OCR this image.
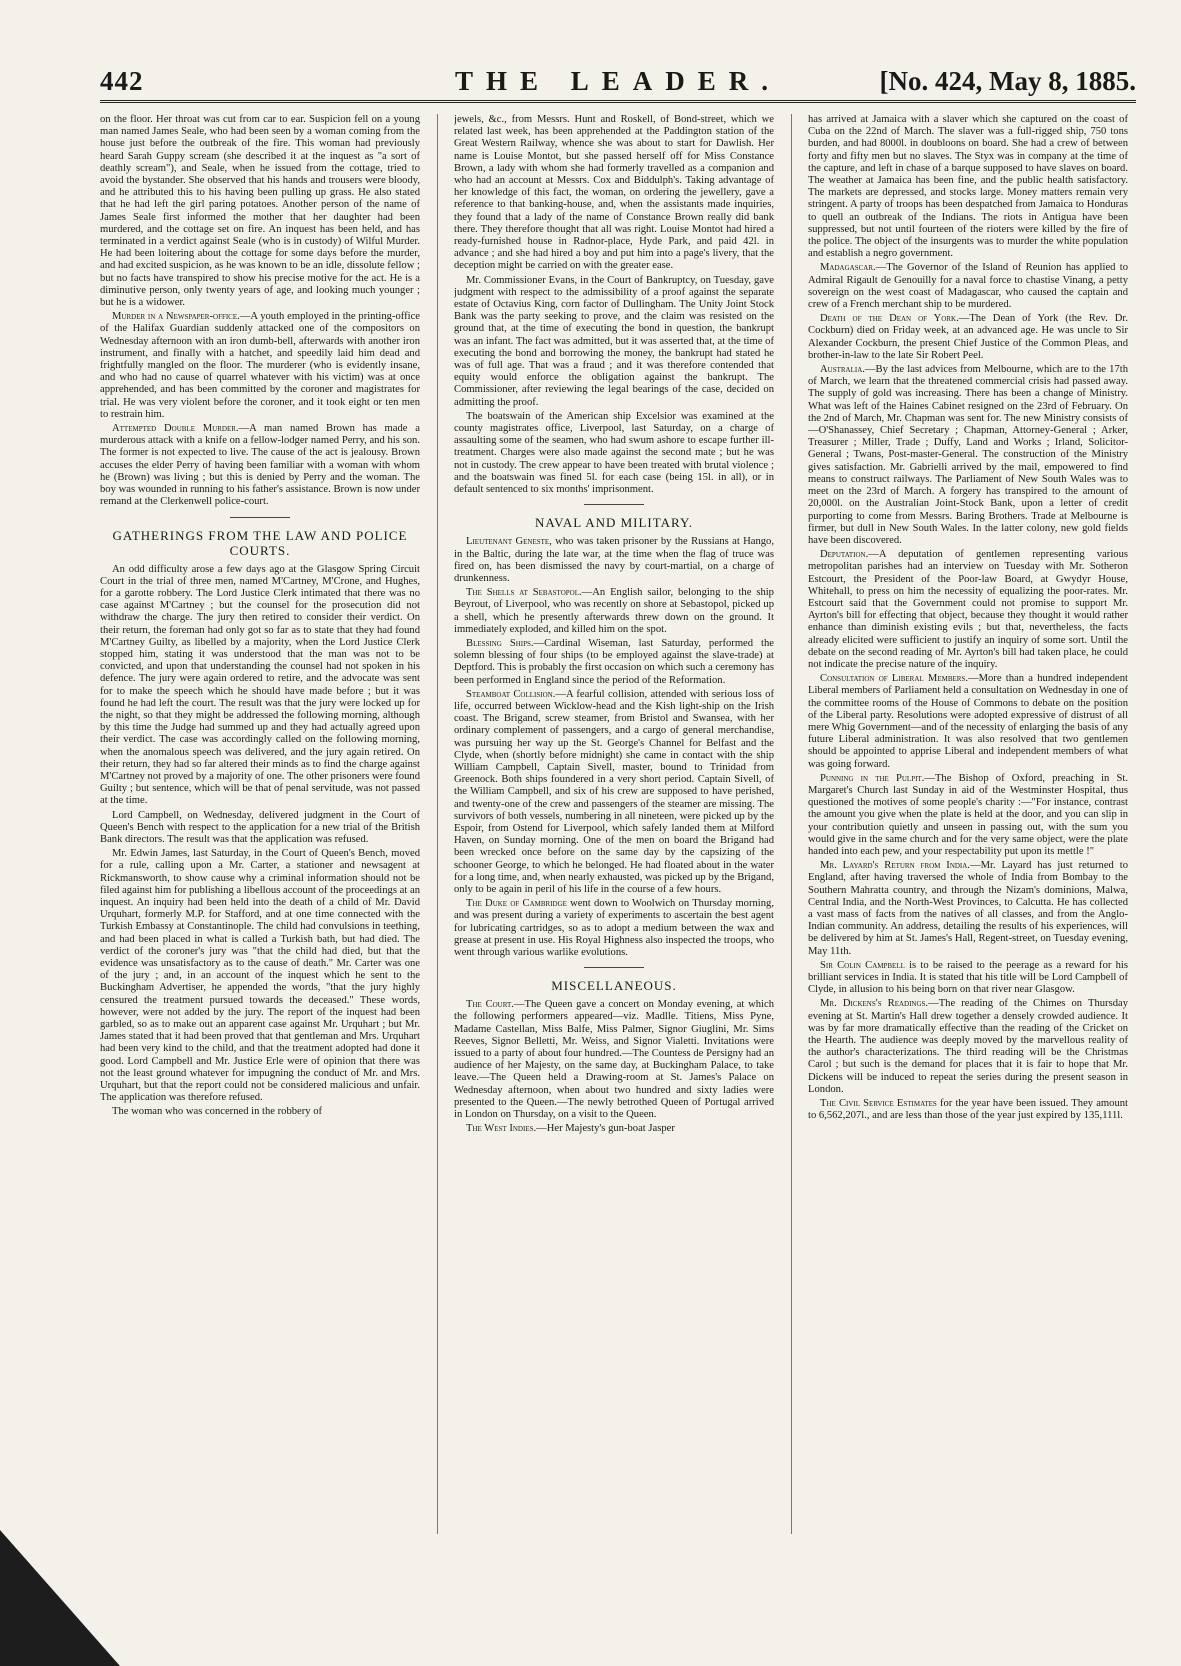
442	THE LEADER.	[No. 424, May 8, 1885.

on the floor. Her throat was cut from car to ear. Suspicion fell on a young man named James Seale, who had been seen by a woman coming from the house just before the outbreak of the fire. This woman had previously heard Sarah Guppy scream (she described it at the inquest as "a sort of deathly scream"), and Seale, when he issued from the cottage, tried to avoid the bystander. She observed that his hands and trousers were bloody, and he attributed this to his having been pulling up grass. He also stated that he had left the girl paring potatoes. Another person of the name of James Seale first informed the mother that her daughter had been murdered, and the cottage set on fire. An inquest has been held, and has terminated in a verdict against Seale (who is in custody) of Wilful Murder. He had been loitering about the cottage for some days before the murder, and had excited suspicion, as he was known to be an idle, dissolute fellow ; but no facts have transpired to show his precise motive for the act. He is a diminutive person, only twenty years of age, and looking much younger ; but he is a widower.

Murder in a Newspaper-office.—A youth employed in the printing-office of the Halifax Guardian suddenly attacked one of the compositors on Wednesday afternoon with an iron dumb-bell, afterwards with another iron instrument, and finally with a hatchet, and speedily laid him dead and frightfully mangled on the floor. The murderer (who is evidently insane, and who had no cause of quarrel whatever with his victim) was at once apprehended, and has been committed by the coroner and magistrates for trial. He was very violent before the coroner, and it took eight or ten men to restrain him.

Attempted Double Murder.—A man named Brown has made a murderous attack with a knife on a fellow-lodger named Perry, and his son. The former is not expected to live. The cause of the act is jealousy. Brown accuses the elder Perry of having been familiar with a woman with whom he (Brown) was living ; but this is denied by Perry and the woman. The boy was wounded in running to his father's assistance. Brown is now under remand at the Clerkenwell police-court.

GATHERINGS FROM THE LAW AND POLICE COURTS.

An odd difficulty arose a few days ago at the Glasgow Spring Circuit Court in the trial of three men, named M'Cartney, M'Crone, and Hughes, for a garotte robbery. The Lord Justice Clerk intimated that there was no case against M'Cartney ; but the counsel for the prosecution did not withdraw the charge. The jury then retired to consider their verdict. On their return, the foreman had only got so far as to state that they had found M'Cartney Guilty, as libelled by a majority, when the Lord Justice Clerk stopped him, stating it was understood that the man was not to be convicted, and upon that understanding the counsel had not spoken in his defence. The jury were again ordered to retire, and the advocate was sent for to make the speech which he should have made before ; but it was found he had left the court. The result was that the jury were locked up for the night, so that they might be addressed the following morning, although by this time the Judge had summed up and they had actually agreed upon their verdict. The case was accordingly called on the following morning, when the anomalous speech was delivered, and the jury again retired. On their return, they had so far altered their minds as to find the charge against M'Cartney not proved by a majority of one. The other prisoners were found Guilty ; but sentence, which will be that of penal servitude, was not passed at the time.

Lord Campbell, on Wednesday, delivered judgment in the Court of Queen's Bench with respect to the application for a new trial of the British Bank directors. The result was that the application was refused.

Mr. Edwin James, last Saturday, in the Court of Queen's Bench, moved for a rule, calling upon a Mr. Carter, a stationer and newsagent at Rickmansworth, to show cause why a criminal information should not be filed against him for publishing a libellous account of the proceedings at an inquest. An inquiry had been held into the death of a child of Mr. David Urquhart, formerly M.P. for Stafford, and at one time connected with the Turkish Embassy at Constantinople. The child had convulsions in teething, and had been placed in what is called a Turkish bath, but had died. The verdict of the coroner's jury was "that the child had died, but that the evidence was unsatisfactory as to the cause of death." Mr. Carter was one of the jury ; and, in an account of the inquest which he sent to the Buckingham Advertiser, he appended the words, "that the jury highly censured the treatment pursued towards the deceased." These words, however, were not added by the jury. The report of the inquest had been garbled, so as to make out an apparent case against Mr. Urquhart ; but Mr. James stated that it had been proved that that gentleman and Mrs. Urquhart had been very kind to the child, and that the treatment adopted had done it good. Lord Campbell and Mr. Justice Erle were of opinion that there was not the least ground whatever for impugning the conduct of Mr. and Mrs. Urquhart, but that the report could not be considered malicious and unfair. The application was therefore refused.

The woman who was concerned in the robbery of

jewels, &c., from Messrs. Hunt and Roskell, of Bond-street, which we related last week, has been apprehended at the Paddington station of the Great Western Railway, whence she was about to start for Dawlish. Her name is Louise Montot, but she passed herself off for Miss Constance Brown, a lady with whom she had formerly travelled as a companion and who had an account at Messrs. Cox and Biddulph's. Taking advantage of her knowledge of this fact, the woman, on ordering the jewellery, gave a reference to that banking-house, and, when the assistants made inquiries, they found that a lady of the name of Constance Brown really did bank there. They therefore thought that all was right. Louise Montot had hired a ready-furnished house in Radnor-place, Hyde Park, and paid 42l. in advance ; and she had hired a boy and put him into a page's livery, that the deception might be carried on with the greater ease.

Mr. Commissioner Evans, in the Court of Bankruptcy, on Tuesday, gave judgment with respect to the admissibility of a proof against the separate estate of Octavius King, corn factor of Dullingham. The Unity Joint Stock Bank was the party seeking to prove, and the claim was resisted on the ground that, at the time of executing the bond in question, the bankrupt was an infant. The fact was admitted, but it was asserted that, at the time of executing the bond and borrowing the money, the bankrupt had stated he was of full age. That was a fraud ; and it was therefore contended that equity would enforce the obligation against the bankrupt. The Commissioner, after reviewing the legal bearings of the case, decided on admitting the proof.

The boatswain of the American ship Excelsior was examined at the county magistrates office, Liverpool, last Saturday, on a charge of assaulting some of the seamen, who had swum ashore to escape further ill-treatment. Charges were also made against the second mate ; but he was not in custody. The crew appear to have been treated with brutal violence ; and the boatswain was fined 5l. for each case (being 15l. in all), or in default sentenced to six months' imprisonment.

NAVAL AND MILITARY.

Lieutenant Geneste, who was taken prisoner by the Russians at Hango, in the Baltic, during the late war, at the time when the flag of truce was fired on, has been dismissed the navy by court-martial, on a charge of drunkenness.

The Shells at Sebastopol.—An English sailor, belonging to the ship Beyrout, of Liverpool, who was recently on shore at Sebastopol, picked up a shell, which he presently afterwards threw down on the ground. It immediately exploded, and killed him on the spot.

Blessing Ships.—Cardinal Wiseman, last Saturday, performed the solemn blessing of four ships (to be employed against the slave-trade) at Deptford. This is probably the first occasion on which such a ceremony has been performed in England since the period of the Reformation.

Steamboat Collision.—A fearful collision, attended with serious loss of life, occurred between Wicklow-head and the Kish light-ship on the Irish coast. The Brigand, screw steamer, from Bristol and Swansea, with her ordinary complement of passengers, and a cargo of general merchandise, was pursuing her way up the St. George's Channel for Belfast and the Clyde, when (shortly before midnight) she came in contact with the ship William Campbell, Captain Sivell, master, bound to Trinidad from Greenock. Both ships foundered in a very short period. Captain Sivell, of the William Campbell, and six of his crew are supposed to have perished, and twenty-one of the crew and passengers of the steamer are missing. The survivors of both vessels, numbering in all nineteen, were picked up by the Espoir, from Ostend for Liverpool, which safely landed them at Milford Haven, on Sunday morning. One of the men on board the Brigand had been wrecked once before on the same day by the capsizing of the schooner George, to which he belonged. He had floated about in the water for a long time, and, when nearly exhausted, was picked up by the Brigand, only to be again in peril of his life in the course of a few hours.

The Duke of Cambridge went down to Woolwich on Thursday morning, and was present during a variety of experiments to ascertain the best agent for lubricating cartridges, so as to adopt a medium between the wax and grease at present in use. His Royal Highness also inspected the troops, who went through various warlike evolutions.

MISCELLANEOUS.

The Court.—The Queen gave a concert on Monday evening, at which the following performers appeared—viz. Madlle. Titiens, Miss Pyne, Madame Castellan, Miss Balfe, Miss Palmer, Signor Giuglini, Mr. Sims Reeves, Signor Belletti, Mr. Weiss, and Signor Vialetti. Invitations were issued to a party of about four hundred.—The Countess de Persigny had an audience of her Majesty, on the same day, at Buckingham Palace, to take leave.—The Queen held a Drawing-room at St. James's Palace on Wednesday afternoon, when about two hundred and sixty ladies were presented to the Queen.—The newly betrothed Queen of Portugal arrived in London on Thursday, on a visit to the Queen.

The West Indies.—Her Majesty's gun-boat Jasper

has arrived at Jamaica with a slaver which she captured on the coast of Cuba on the 22nd of March. The slaver was a full-rigged ship, 750 tons burden, and had 8000l. in doubloons on board. She had a crew of between forty and fifty men but no slaves. The Styx was in company at the time of the capture, and left in chase of a barque supposed to have slaves on board. The weather at Jamaica has been fine, and the public health satisfactory. The markets are depressed, and stocks large. Money matters remain very stringent. A party of troops has been despatched from Jamaica to Honduras to quell an outbreak of the Indians. The riots in Antigua have been suppressed, but not until fourteen of the rioters were killed by the fire of the police. The object of the insurgents was to murder the white population and establish a negro government.

Madagascar.—The Governor of the Island of Reunion has applied to Admiral Rigault de Genouilly for a naval force to chastise Vinang, a petty sovereign on the west coast of Madagascar, who caused the captain and crew of a French merchant ship to be murdered.

Death of the Dean of York.—The Dean of York (the Rev. Dr. Cockburn) died on Friday week, at an advanced age. He was uncle to Sir Alexander Cockburn, the present Chief Justice of the Common Pleas, and brother-in-law to the late Sir Robert Peel.

Australia.—By the last advices from Melbourne, which are to the 17th of March, we learn that the threatened commercial crisis had passed away. The supply of gold was increasing. There has been a change of Ministry. What was left of the Haines Cabinet resigned on the 23rd of February. On the 2nd of March, Mr. Chapman was sent for. The new Ministry consists of—O'Shanassey, Chief Secretary ; Chapman, Attorney-General ; Arker, Treasurer ; Miller, Trade ; Duffy, Land and Works ; Irland, Solicitor-General ; Twans, Post-master-General. The construction of the Ministry gives satisfaction. Mr. Gabrielli arrived by the mail, empowered to find means to construct railways. The Parliament of New South Wales was to meet on the 23rd of March. A forgery has transpired to the amount of 20,000l. on the Australian Joint-Stock Bank, upon a letter of credit purporting to come from Messrs. Baring Brothers. Trade at Melbourne is firmer, but dull in New South Wales. In the latter colony, new gold fields have been discovered.

Deputation.—A deputation of gentlemen representing various metropolitan parishes had an interview on Tuesday with Mr. Sotheron Estcourt, the President of the Poor-law Board, at Gwydyr House, Whitehall, to press on him the necessity of equalizing the poor-rates. Mr. Estcourt said that the Government could not promise to support Mr. Ayrton's bill for effecting that object, because they thought it would rather enhance than diminish existing evils ; but that, nevertheless, the facts already elicited were sufficient to justify an inquiry of some sort. Until the debate on the second reading of Mr. Ayrton's bill had taken place, he could not indicate the precise nature of the inquiry.

Consultation of Liberal Members.—More than a hundred independent Liberal members of Parliament held a consultation on Wednesday in one of the committee rooms of the House of Commons to debate on the position of the Liberal party. Resolutions were adopted expressive of distrust of all mere Whig Government—and of the necessity of enlarging the basis of any future Liberal administration. It was also resolved that two gentlemen should be appointed to apprise Liberal and independent members of what was going forward.

Punning in the Pulpit.—The Bishop of Oxford, preaching in St. Margaret's Church last Sunday in aid of the Westminster Hospital, thus questioned the motives of some people's charity :—"For instance, contrast the amount you give when the plate is held at the door, and you can slip in your contribution quietly and unseen in passing out, with the sum you would give in the same church and for the very same object, were the plate handed into each pew, and your respectability put upon its mettle !"

Mr. Layard's Return from India.—Mr. Layard has just returned to England, after having traversed the whole of India from Bombay to the Southern Mahratta country, and through the Nizam's dominions, Malwa, Central India, and the North-West Provinces, to Calcutta. He has collected a vast mass of facts from the natives of all classes, and from the Anglo-Indian community. An address, detailing the results of his experiences, will be delivered by him at St. James's Hall, Regent-street, on Tuesday evening, May 11th.

Sir Colin Campbell is to be raised to the peerage as a reward for his brilliant services in India. It is stated that his title will be Lord Campbell of Clyde, in allusion to his being born on that river near Glasgow.

Mr. Dickens's Readings.—The reading of the Chimes on Thursday evening at St. Martin's Hall drew together a densely crowded audience. It was by far more dramatically effective than the reading of the Cricket on the Hearth. The audience was deeply moved by the marvellous reality of the author's characterizations. The third reading will be the Christmas Carol ; but such is the demand for places that it is fair to hope that Mr. Dickens will be induced to repeat the series during the present season in London.

The Civil Service Estimates for the year have been issued. They amount to 6,562,207l., and are less than those of the year just expired by 135,111l.
